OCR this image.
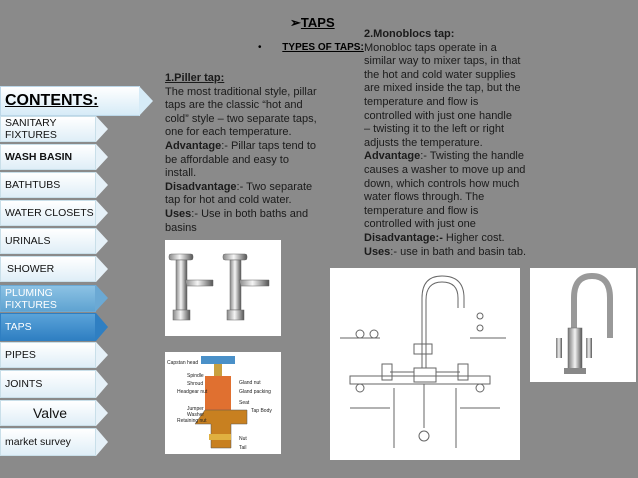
➢TAPS
• TYPES OF TAPS:
CONTENTS:
SANITARY FIXTURES
WASH BASIN
BATHTUBS
WATER CLOSETS
URINALS
SHOWER
PLUMING FIXTURES
TAPS
PIPES
JOINTS
Valve
market survey
1.Piller tap:
The most traditional style, pillar
taps are the classic “hot and
cold” style – two separate taps,
one for each temperature.
Advantage:- Pillar taps tend to
be affordable and easy to
install.
Disadvantage:- Two separate
tap for hot and cold water.
Uses:- Use in both baths and
basins
2.Monoblocs tap:
Monobloc taps operate in a
similar way to mixer taps, in that
the hot and cold water supplies
are mixed inside the tap, but the
temperature and flow is
controlled with just one handle
– twisting it to the left or right
adjusts the temperature.
Advantage:- Twisting the handle
causes a washer to move up and
down, which controls how much
water flows through. The
temperature and flow is
controlled with just one
Disadvantage:- Higher cost.
Uses:- use in bath and basin tab.
Capstan head
Spindle
Shroud
Headgear nut
Gland nut
Gland packing
Seat
Jumper
Washer
Retaining nut
Tap Body
Nut
Tail
